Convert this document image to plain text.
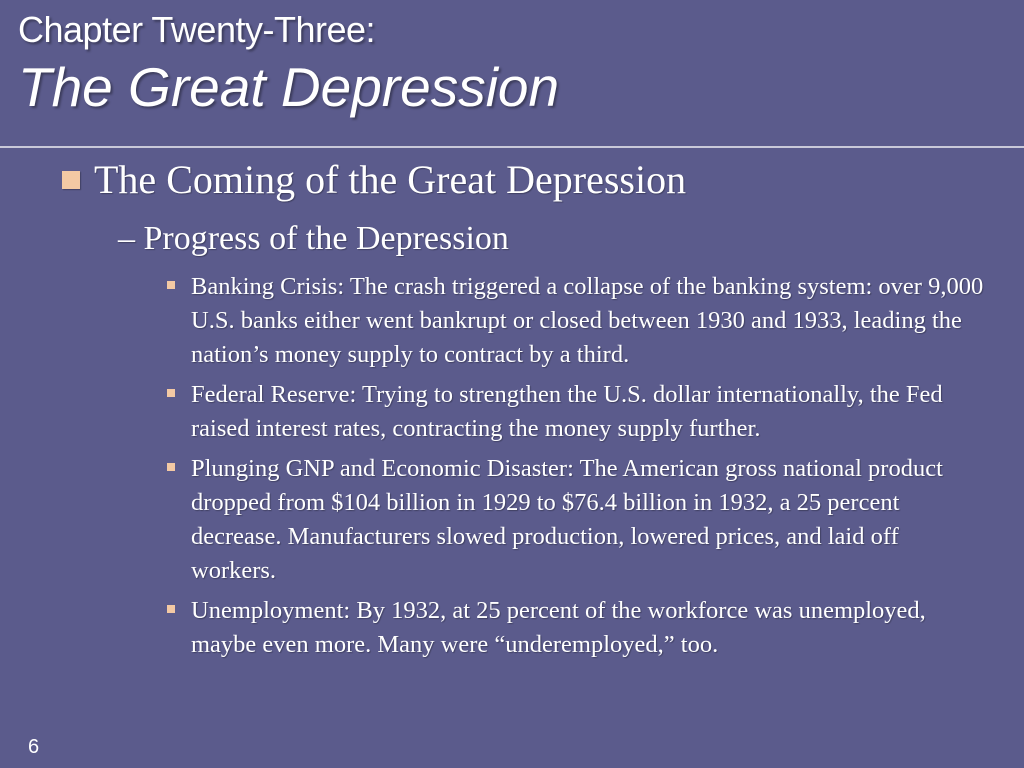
Chapter Twenty-Three:
The Great Depression
The Coming of the Great Depression
– Progress of the Depression
Banking Crisis: The crash triggered a collapse of the banking system: over 9,000 U.S. banks either went bankrupt or closed between 1930 and 1933, leading the nation’s money supply to contract by a third.
Federal Reserve: Trying to strengthen the U.S. dollar internationally, the Fed raised interest rates, contracting the money supply further.
Plunging GNP and Economic Disaster: The American gross national product dropped from $104 billion in 1929 to $76.4 billion in 1932, a 25 percent decrease. Manufacturers slowed production, lowered prices, and laid off workers.
Unemployment: By 1932, at 25 percent of the workforce was unemployed, maybe even more. Many were “underemployed,” too.
6
